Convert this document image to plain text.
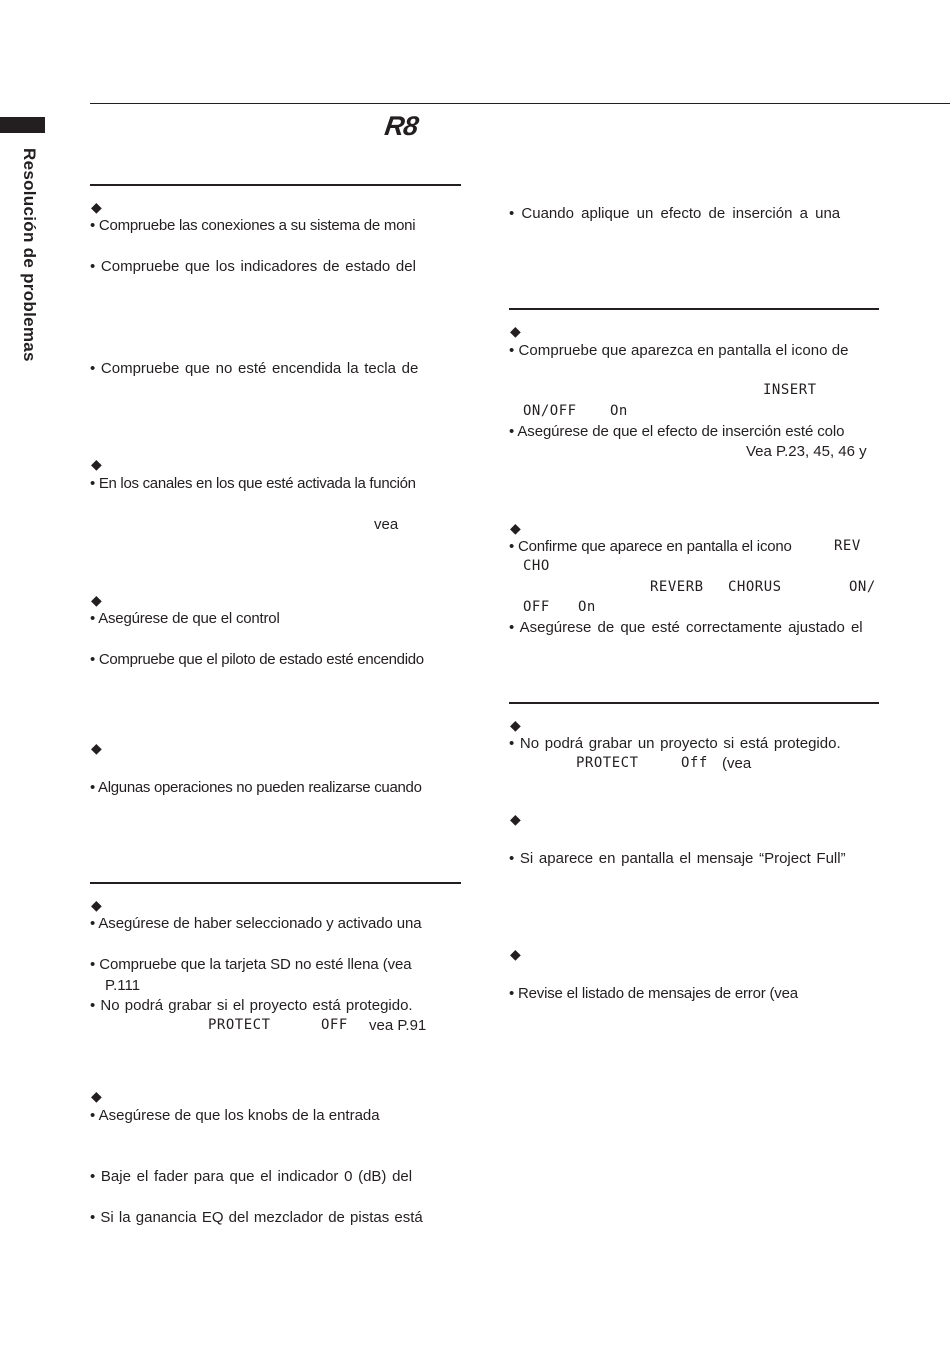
Resolución de problemas
R8
◆
• Compruebe las conexiones a su sistema de moni
• Compruebe que los indicadores de estado del
• Compruebe que no esté encendida la tecla de
◆
• En los canales en los que esté activada la función
vea
◆
• Asegúrese de que el control
• Compruebe que el piloto de estado esté encendido
◆
• Algunas operaciones no pueden realizarse cuando
◆
• Asegúrese de haber seleccionado y activado una
• Compruebe que la tarjeta SD no esté llena (vea
P.111
• No podrá grabar si el proyecto está protegido.
PROTECT	OFF vea P.91
◆
• Asegúrese de que los knobs de la entrada
• Baje el fader para que el indicador 0 (dB) del
• Si la ganancia EQ del mezclador de pistas está
• Cuando aplique un efecto de inserción a una
◆
• Compruebe que aparezca en pantalla el icono de
INSERT
ON/OFF On
• Asegúrese de que el efecto de inserción esté colo
Vea P.23, 45, 46 y
◆
• Confirme que aparece en pantalla el icono	REV
CHO
REVERB CHORUS	ON/
OFF On
• Asegúrese de que esté correctamente ajustado el
◆
• No podrá grabar un proyecto si está protegido.
PROTECT	Off (vea
◆
• Si aparece en pantalla el mensaje “Project Full”
◆
• Revise el listado de mensajes de error (vea
